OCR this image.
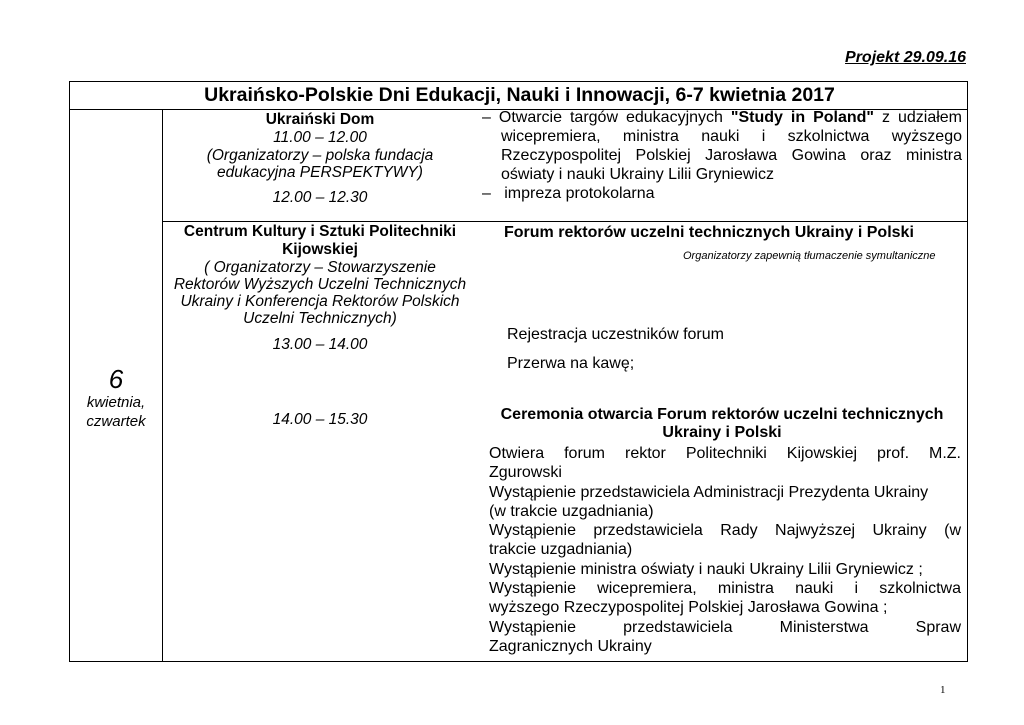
Projekt 29.09.16
Ukraińsko-Polskie Dni Edukacji, Nauki i Innowacji, 6-7 kwietnia 2017
6
kwietnia,
czwartek
Ukraiński Dom
11.00 – 12.00
(Organizatorzy – polska fundacja
edukacyjna PERSPEKTYWY)
12.00 – 12.30
– Otwarcie targów edukacyjnych "Study in Poland" z udziałem
wicepremiera, ministra nauki i szkolnictwa wyższego
Rzeczypospolitej Polskiej Jarosława Gowina oraz ministra
oświaty i nauki Ukrainy Lilii Gryniewicz
– impreza protokolarna
Centrum Kultury i Sztuki Politechniki
Kijowskiej
( Organizatorzy – Stowarzyszenie
Rektorów Wyższych Uczelni Technicznych
Ukrainy i Konferencja Rektorów Polskich
Uczelni Technicznych)
13.00 – 14.00
14.00 – 15.30
Forum rektorów uczelni technicznych Ukrainy i Polski
Organizatorzy zapewnią tłumaczenie symultaniczne
Rejestracja uczestników forum
Przerwa na kawę;
Ceremonia otwarcia Forum rektorów uczelni technicznych
Ukrainy i Polski
Otwiera forum rektor Politechniki Kijowskiej prof. M.Z.
Zgurowski
Wystąpienie przedstawiciela Administracji Prezydenta Ukrainy
(w trakcie uzgadniania)
Wystąpienie przedstawiciela Rady Najwyższej Ukrainy (w
trakcie uzgadniania)
Wystąpienie ministra oświaty i nauki Ukrainy Lilii Gryniewicz ;
Wystąpienie wicepremiera, ministra nauki i szkolnictwa
wyższego Rzeczypospolitej Polskiej Jarosława Gowina ;
Wystąpienie przedstawiciela Ministerstwa Spraw
Zagranicznych Ukrainy
1
